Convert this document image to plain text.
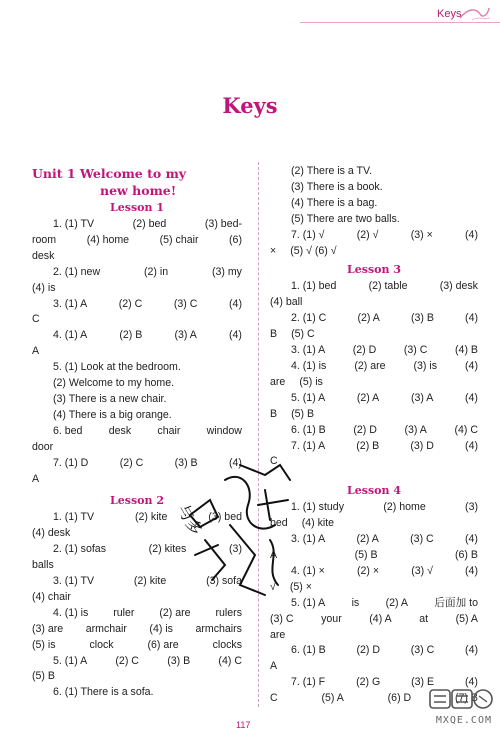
Keys
Keys
Unit 1 Welcome to my
new home!
Lesson 1
1. (1) TV	(2) bed	(3) bed-
room	(4) home	(5) chair	(6)
desk
2. (1) new	(2) in	(3) my
(4) is
3. (1) A	(2) C	(3) C	(4)
C
4. (1) A	(2) B	(3) A	(4)
A
5. (1) Look at the bedroom.
(2) Welcome to my home.
(3) There is a new chair.
(4) There is a big orange.
6. bed desk chair window
door
7. (1) D	(2) C	(3) B	(4)
A
Lesson 2
1. (1) TV	(2) kite	(3) bed
(4) desk
2. (1) sofas	(2) kites	(3)
balls
3. (1) TV	(2) kite	(3) sofa
(4) chair
4. (1) is ruler (2) are rulers
(3) are armchair (4) is armchairs
(5) is	clock	(6) are	clocks
5. (1) A	(2) C	(3) B	(4) C
(5) B
6. (1) There is a sofa.
(2) There is a TV.
(3) There is a book.
(4) There is a bag.
(5) There are two balls.
7. (1) √	(2) √	(3) ×	(4)
× (5) √ (6) √
Lesson 3
1. (1) bed	(2) table	(3) desk
(4) ball
2. (1) C	(2) A	(3) B	(4)
B (5) C
3. (1) A	(2) D	(3) C	(4) B
4. (1) is	(2) are	(3) is	(4)
are (5) is
5. (1) A	(2) A	(3) A	(4)
B (5) B
6. (1) B	(2) D	(3) A	(4) C
7. (1) A	(2) B	(3) D	(4)
C
Lesson 4
1. (1) study	(2) home	(3)
bed (4) kite
3. (1) A	(2) A	(3) C	(4)
A	(5) B	(6) B
4. (1) ×	(2) ×	(3) √	(4)
√ (5) ×
5. (1) A is (2) A 后面加 to
(3) C	your	(4) A	at	(5) A
are
6. (1) B	(2) D	(3) C	(4)
A
7. (1) F	(2) G	(3) E	(4)
C	(5) A	(6) D	(7) B
与多
MXQE.COM
117
